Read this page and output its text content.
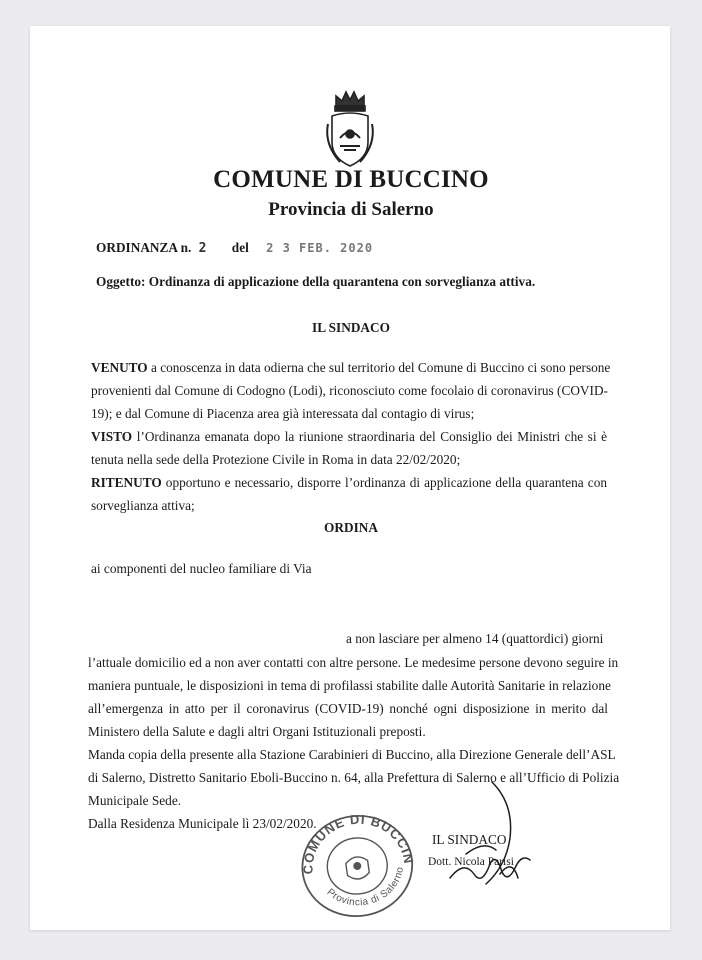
COMUNE DI BUCCINO
Provincia di Salerno
ORDINANZA n. 2 del 2 3 FEB. 2020
Oggetto: Ordinanza di applicazione della quarantena con sorveglianza attiva.
IL SINDACO
VENUTO a conoscenza in data odierna che sul territorio del Comune di Buccino ci sono persone
provenienti dal Comune di Codogno (Lodi), riconosciuto come focolaio di coronavirus (COVID-
19); e dal Comune di Piacenza area già interessata dal contagio di virus;
VISTO l’Ordinanza emanata dopo la riunione straordinaria del Consiglio dei Ministri che si è
tenuta nella sede della Protezione Civile in Roma in data 22/02/2020;
RITENUTO opportuno e necessario, disporre l’ordinanza di applicazione della quarantena con
sorveglianza attiva;
ORDINA
ai componenti del nucleo familiare di Via
a non lasciare per almeno 14 (quattordici) giorni
l’attuale domicilio ed a non aver contatti con altre persone. Le medesime persone devono seguire in
maniera puntuale, le disposizioni in tema di profilassi stabilite dalle Autorità Sanitarie in relazione
all’emergenza in atto per il coronavirus (COVID-19) nonché ogni disposizione in merito dal
Ministero della Salute e dagli altri Organi Istituzionali preposti.
Manda copia della presente alla Stazione Carabinieri di Buccino, alla Direzione Generale dell’ASL
di Salerno, Distretto Sanitario Eboli-Buccino n. 64, alla Prefettura di Salerno e all’Ufficio di Polizia
Municipale Sede.
Dalla Residenza Municipale lì 23/02/2020.
IL SINDACO
Dott. Nicola Parisi
COMUNE DI BUCCINO
Provincia di Salerno
